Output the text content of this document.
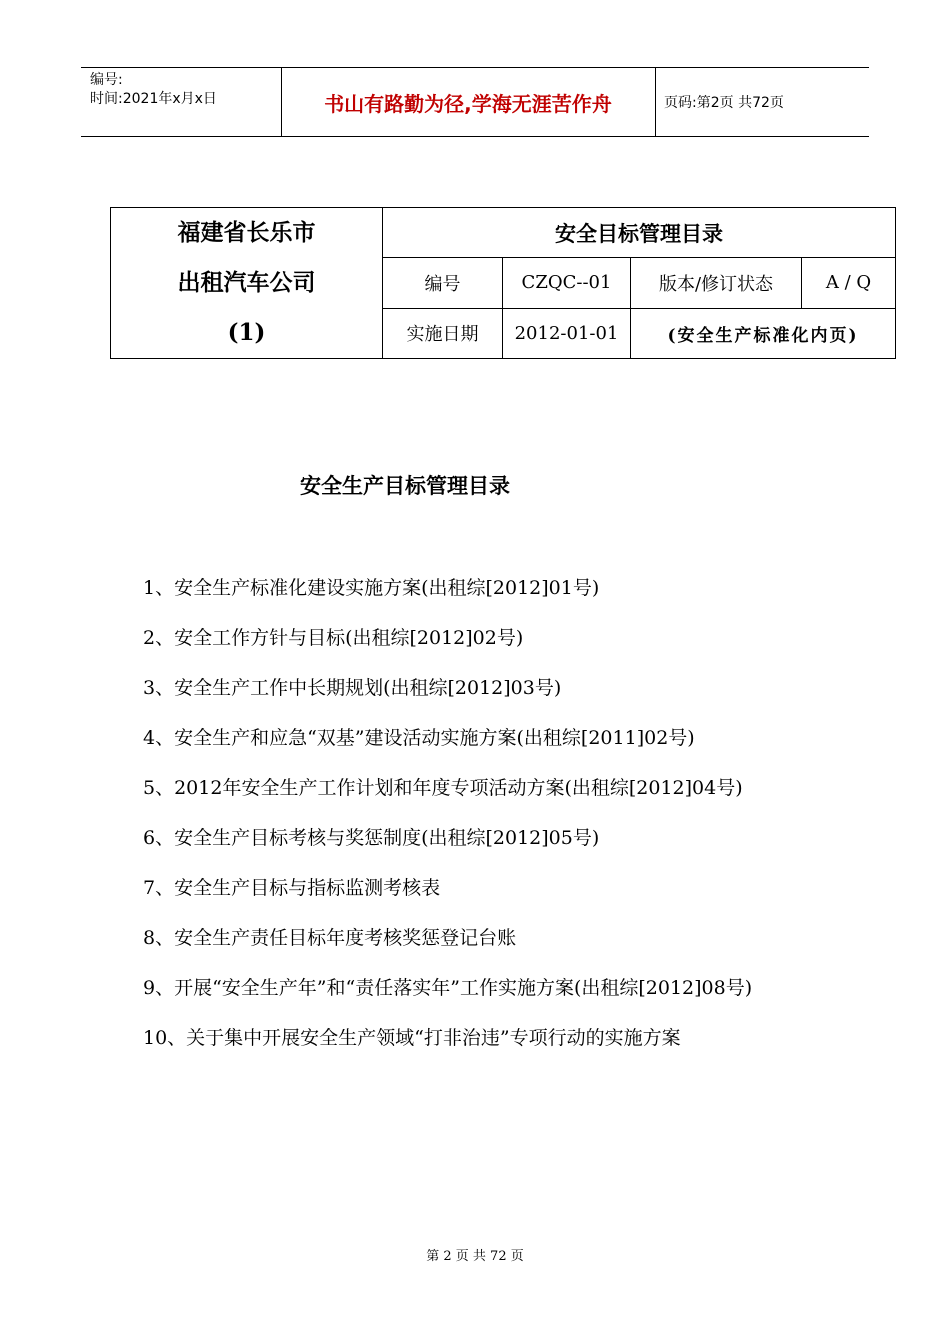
编号:
时间:2021年x月x日	书山有路勤为径,学海无涯苦作舟	页码:第2页 共72页
福建省长乐市
出租汽车公司
(1)	安全目标管理目录			
	编号	CZQC--01	版本/修订状态	A / Q
	实施日期	2012-01-01	(安全生产标准化内页)	
安全生产目标管理目录
1、安全生产标准化建设实施方案(出租综[2012]01号)
2、安全工作方针与目标(出租综[2012]02号)
3、安全生产工作中长期规划(出租综[2012]03号)
4、安全生产和应急“双基”建设活动实施方案(出租综[2011]02号)
5、2012年安全生产工作计划和年度专项活动方案(出租综[2012]04号)
6、安全生产目标考核与奖惩制度(出租综[2012]05号)
7、安全生产目标与指标监测考核表
8、安全生产责任目标年度考核奖惩登记台账
9、开展“安全生产年”和“责任落实年”工作实施方案(出租综[2012]08号)
10、关于集中开展安全生产领域“打非治违”专项行动的实施方案
第 2 页 共 72 页
